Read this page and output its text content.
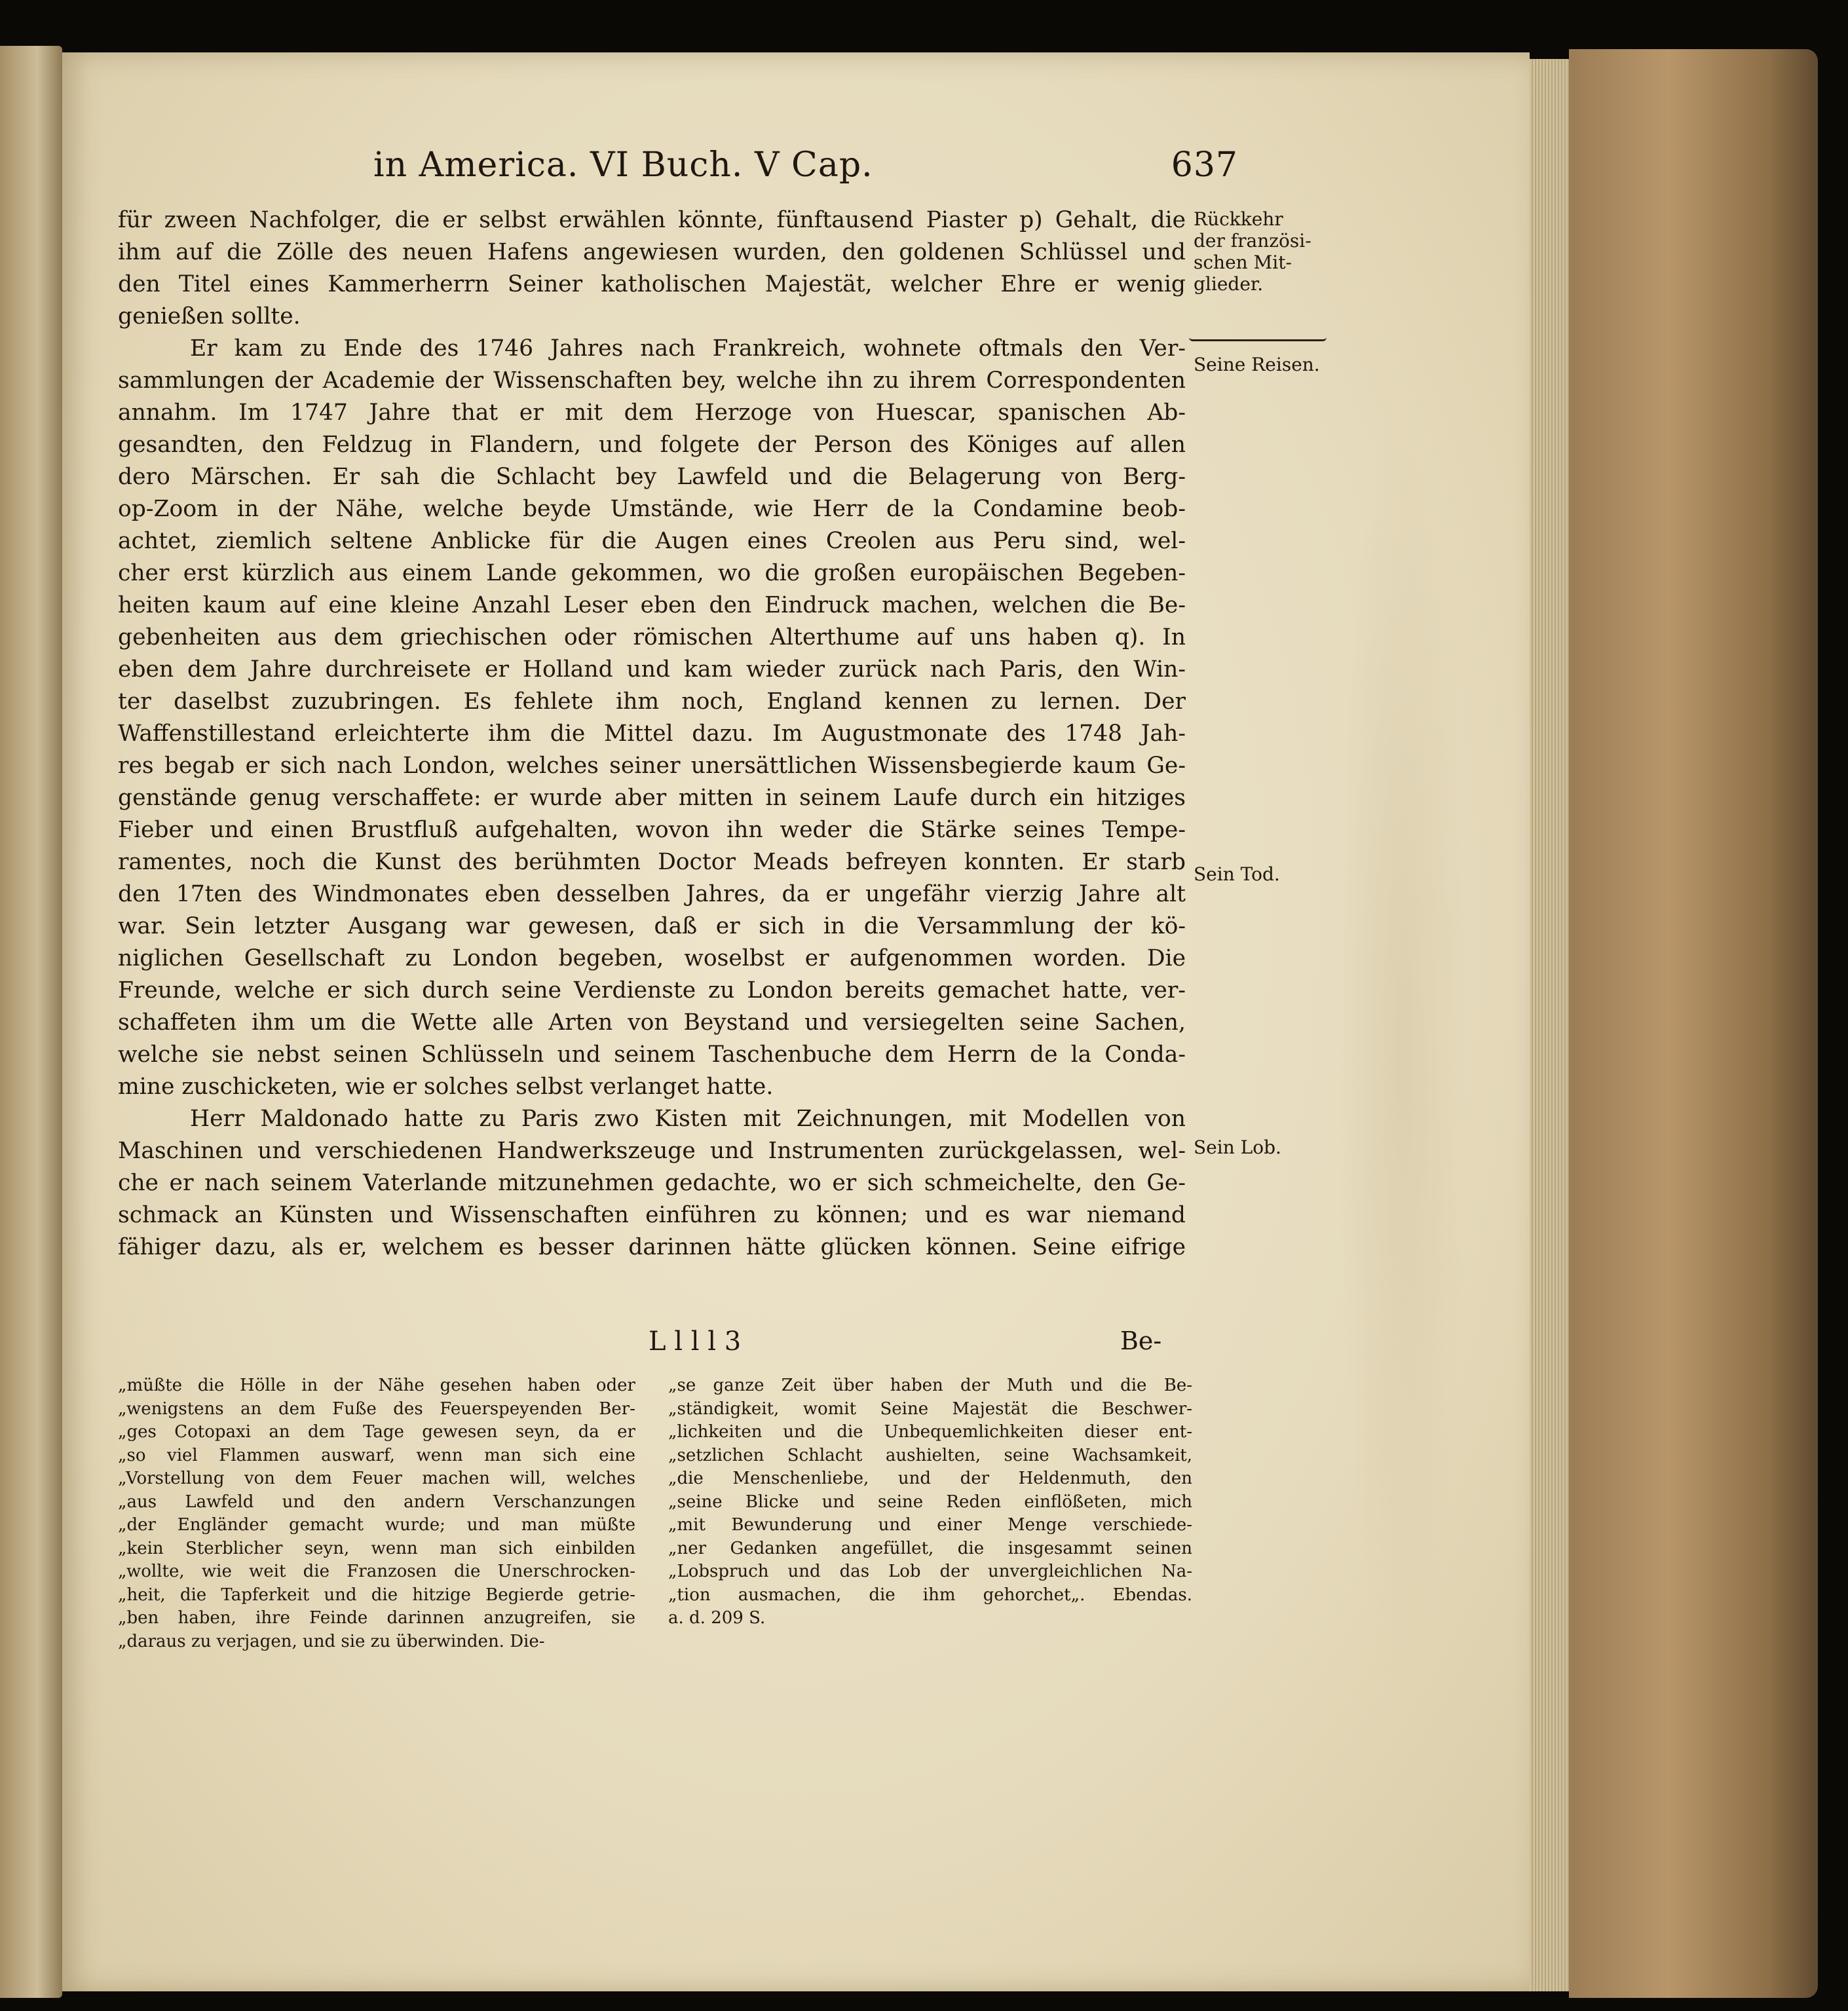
in America. VI Buch. V Cap.	637
für zween Nachfolger, die er selbst erwählen könnte, fünftausend Piaster p) Gehalt, die
ihm auf die Zölle des neuen Hafens angewiesen wurden, den goldenen Schlüssel und
den Titel eines Kammerherrn Seiner katholischen Majestät, welcher Ehre er wenig
genießen sollte.
Er kam zu Ende des 1746 Jahres nach Frankreich, wohnete oftmals den Ver-
sammlungen der Academie der Wissenschaften bey, welche ihn zu ihrem Correspondenten
annahm. Im 1747 Jahre that er mit dem Herzoge von Huescar, spanischen Ab-
gesandten, den Feldzug in Flandern, und folgete der Person des Königes auf allen
dero Märschen. Er sah die Schlacht bey Lawfeld und die Belagerung von Berg-
op-Zoom in der Nähe, welche beyde Umstände, wie Herr de la Condamine beob-
achtet, ziemlich seltene Anblicke für die Augen eines Creolen aus Peru sind, wel-
cher erst kürzlich aus einem Lande gekommen, wo die großen europäischen Begeben-
heiten kaum auf eine kleine Anzahl Leser eben den Eindruck machen, welchen die Be-
gebenheiten aus dem griechischen oder römischen Alterthume auf uns haben q). In
eben dem Jahre durchreisete er Holland und kam wieder zurück nach Paris, den Win-
ter daselbst zuzubringen. Es fehlete ihm noch, England kennen zu lernen. Der
Waffenstillestand erleichterte ihm die Mittel dazu. Im Augustmonate des 1748 Jah-
res begab er sich nach London, welches seiner unersättlichen Wissensbegierde kaum Ge-
genstände genug verschaffete: er wurde aber mitten in seinem Laufe durch ein hitziges
Fieber und einen Brustfluß aufgehalten, wovon ihn weder die Stärke seines Tempe-
ramentes, noch die Kunst des berühmten Doctor Meads befreyen konnten. Er starb
den 17ten des Windmonates eben desselben Jahres, da er ungefähr vierzig Jahre alt
war. Sein letzter Ausgang war gewesen, daß er sich in die Versammlung der kö-
niglichen Gesellschaft zu London begeben, woselbst er aufgenommen worden. Die
Freunde, welche er sich durch seine Verdienste zu London bereits gemachet hatte, ver-
schaffeten ihm um die Wette alle Arten von Beystand und versiegelten seine Sachen,
welche sie nebst seinen Schlüsseln und seinem Taschenbuche dem Herrn de la Conda-
mine zuschicketen, wie er solches selbst verlanget hatte.
Herr Maldonado hatte zu Paris zwo Kisten mit Zeichnungen, mit Modellen von
Maschinen und verschiedenen Handwerkszeuge und Instrumenten zurückgelassen, wel-
che er nach seinem Vaterlande mitzunehmen gedachte, wo er sich schmeichelte, den Ge-
schmack an Künsten und Wissenschaften einführen zu können; und es war niemand
fähiger dazu, als er, welchem es besser darinnen hätte glücken können. Seine eifrige
Rückkehr
der französi-
schen Mit-
glieder.
Seine Reisen.
Sein Tod.
Sein Lob.
L l l l 3	Be-
„müßte die Hölle in der Nähe gesehen haben oder
„wenigstens an dem Fuße des Feuerspeyenden Ber-
„ges Cotopaxi an dem Tage gewesen seyn, da er
„so viel Flammen auswarf, wenn man sich eine
„Vorstellung von dem Feuer machen will, welches
„aus Lawfeld und den andern Verschanzungen
„der Engländer gemacht wurde; und man müßte
„kein Sterblicher seyn, wenn man sich einbilden
„wollte, wie weit die Franzosen die Unerschrocken-
„heit, die Tapferkeit und die hitzige Begierde getrie-
„ben haben, ihre Feinde darinnen anzugreifen, sie
„daraus zu verjagen, und sie zu überwinden. Die-
„se ganze Zeit über haben der Muth und die Be-
„ständigkeit, womit Seine Majestät die Beschwer-
„lichkeiten und die Unbequemlichkeiten dieser ent-
„setzlichen Schlacht aushielten, seine Wachsamkeit,
„die Menschenliebe, und der Heldenmuth, den
„seine Blicke und seine Reden einflößeten, mich
„mit Bewunderung und einer Menge verschiede-
„ner Gedanken angefüllet, die insgesammt seinen
„Lobspruch und das Lob der unvergleichlichen Na-
„tion ausmachen, die ihm gehorchet„. Ebendas.
a. d. 209 S.
